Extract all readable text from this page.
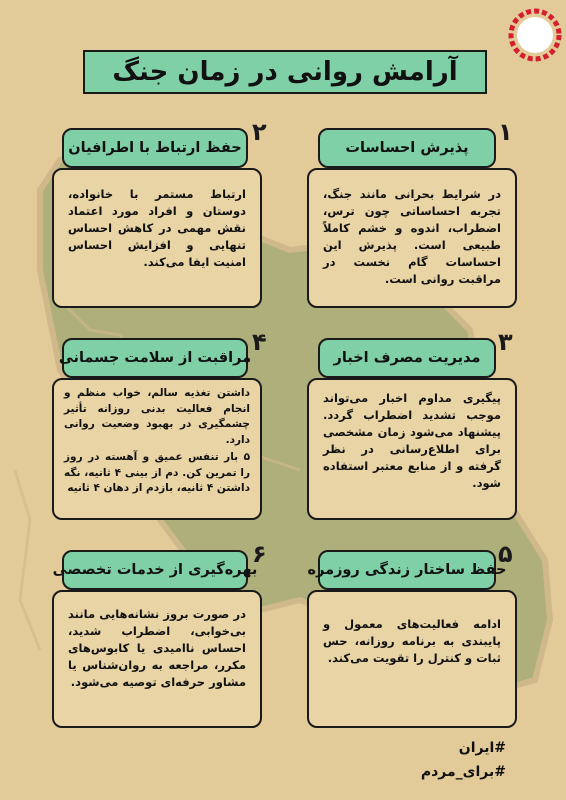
آرامش روانی در زمان جنگ
۱
پذیرش احساسات

در شرایط بحرانی مانند جنگ، تجربه احساساتی چون ترس، اضطراب، اندوه و خشم کاملاً طبیعی است. پذیرش این احساسات گام نخست در مراقبت روانی است.

۲
حفظ ارتباط با اطرافیان

ارتباط مستمر با خانواده، دوستان و افراد مورد اعتماد نقش مهمی در کاهش احساس تنهایی و افزایش احساس امنیت ایفا می‌کند.

۳
مدیریت مصرف اخبار

پیگیری مداوم اخبار می‌تواند موجب تشدید اضطراب گردد. پیشنهاد می‌شود زمان مشخصی برای اطلاع‌رسانی در نظر گرفته و از منابع معتبر استفاده شود.

۴
مراقبت از سلامت جسمانی

داشتن تغذیه سالم، خواب منظم و انجام فعالیت بدنی روزانه تأثیر چشمگیری در بهبود وضعیت روانی دارد.

۵ بار تنفس عمیق و آهسته در روز را تمرین کن. دم از بینی ۴ ثانیه، نگه داشتن ۴ ثانیه، بازدم از دهان ۴ ثانیه

۵
حفظ ساختار زندگی روزمره

ادامه فعالیت‌های معمول و پایبندی به برنامه روزانه، حس ثبات و کنترل را تقویت می‌کند.

۶
بهره‌گیری از خدمات تخصصی

در صورت بروز نشانه‌هایی مانند بی‌خوابی، اضطراب شدید، احساس ناامیدی یا کابوس‌های مکرر، مراجعه به روان‌شناس یا مشاور حرفه‌ای توصیه می‌شود.

#ایران
#برای_مردم
